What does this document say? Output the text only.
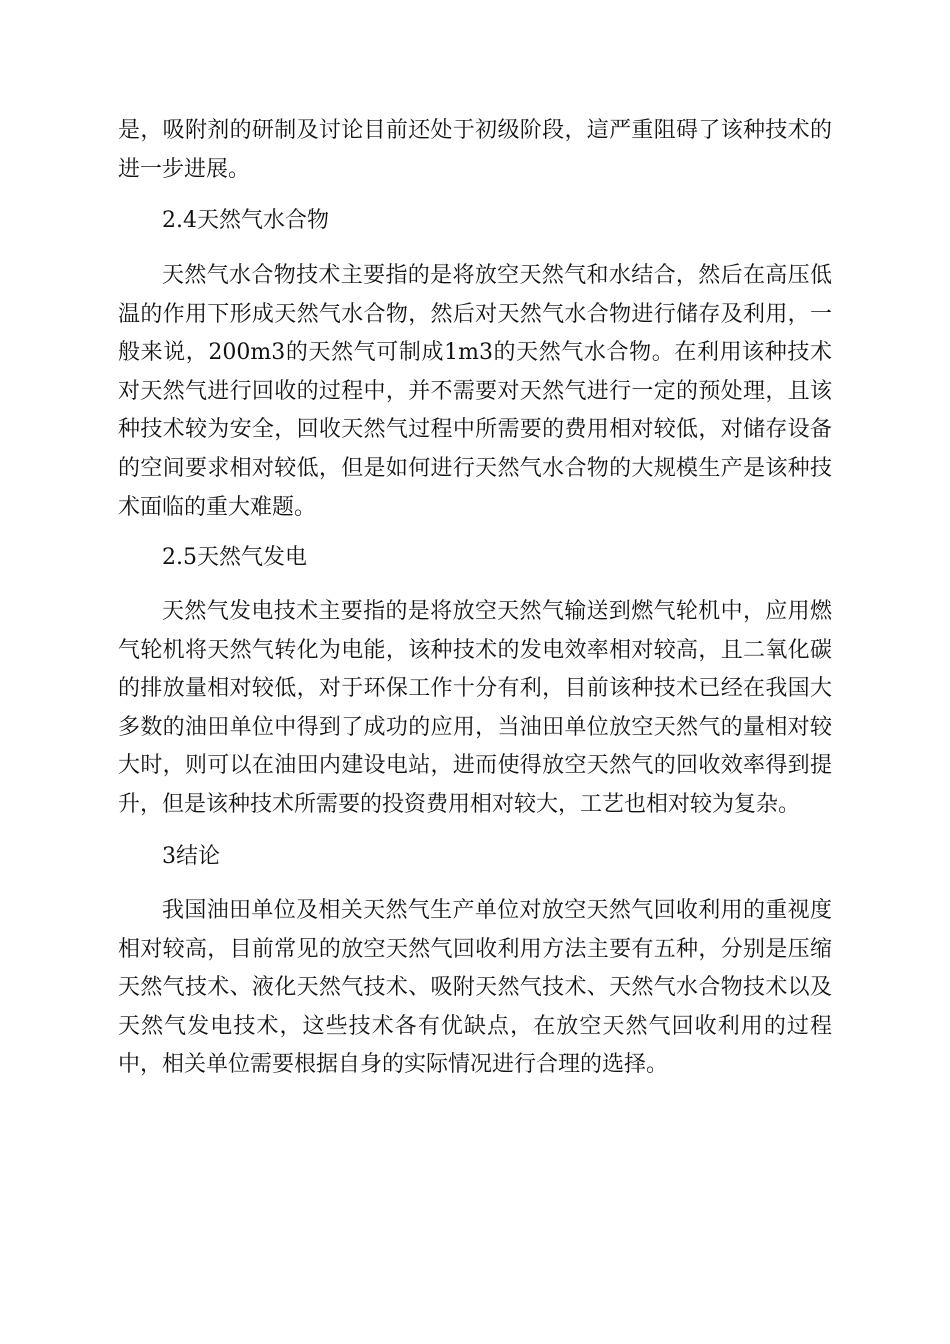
是，吸附剂的研制及讨论目前还处于初级阶段，這严重阻碍了该种技术的进一步进展。

2.4天然气水合物

天然气水合物技术主要指的是将放空天然气和水结合，然后在高压低温的作用下形成天然气水合物，然后对天然气水合物进行储存及利用，一般来说，200m3的天然气可制成1m3的天然气水合物。在利用该种技术对天然气进行回收的过程中，并不需要对天然气进行一定的预处理，且该种技术较为安全，回收天然气过程中所需要的费用相对较低，对储存设备的空间要求相对较低，但是如何进行天然气水合物的大规模生产是该种技术面临的重大难题。

2.5天然气发电

天然气发电技术主要指的是将放空天然气输送到燃气轮机中，应用燃气轮机将天然气转化为电能，该种技术的发电效率相对较高，且二氧化碳的排放量相对较低，对于环保工作十分有利，目前该种技术已经在我国大多数的油田单位中得到了成功的应用，当油田单位放空天然气的量相对较大时，则可以在油田内建设电站，进而使得放空天然气的回收效率得到提升，但是该种技术所需要的投资费用相对较大，工艺也相对较为复杂。

3结论

我国油田单位及相关天然气生产单位对放空天然气回收利用的重视度相对较高，目前常见的放空天然气回收利用方法主要有五种，分别是压缩天然气技术、液化天然气技术、吸附天然气技术、天然气水合物技术以及天然气发电技术，这些技术各有优缺点，在放空天然气回收利用的过程中，相关单位需要根据自身的实际情况进行合理的选择。
